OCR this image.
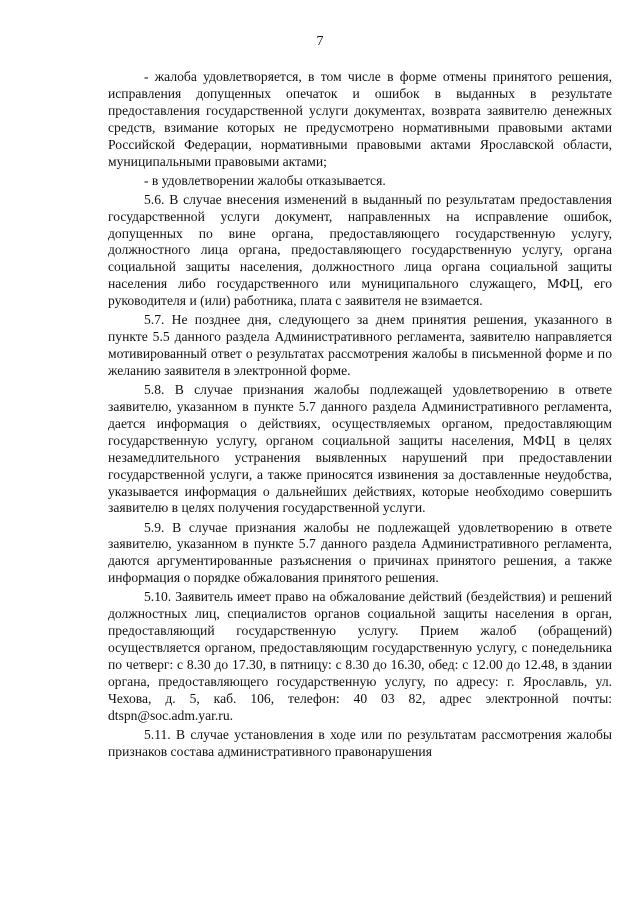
7

- жалоба удовлетворяется, в том числе в форме отмены принятого решения, исправления допущенных опечаток и ошибок в выданных в результате предоставления государственной услуги документах, возврата заявителю денежных средств, взимание которых не предусмотрено нормативными правовыми актами Российской Федерации, нормативными правовыми актами Ярославской области, муниципальными правовыми актами;

- в удовлетворении жалобы отказывается.

5.6. В случае внесения изменений в выданный по результатам предоставления государственной услуги документ, направленных на исправление ошибок, допущенных по вине органа, предоставляющего государственную услугу, должностного лица органа, предоставляющего государственную услугу, органа социальной защиты населения, должностного лица органа социальной защиты населения либо государственного или муниципального служащего, МФЦ, его руководителя и (или) работника, плата с заявителя не взимается.

5.7. Не позднее дня, следующего за днем принятия решения, указанного в пункте 5.5 данного раздела Административного регламента, заявителю направляется мотивированный ответ о результатах рассмотрения жалобы в письменной форме и по желанию заявителя в электронной форме.

5.8. В случае признания жалобы подлежащей удовлетворению в ответе заявителю, указанном в пункте 5.7 данного раздела Административного регламента, дается информация о действиях, осуществляемых органом, предоставляющим государственную услугу, органом социальной защиты населения, МФЦ в целях незамедлительного устранения выявленных нарушений при предоставлении государственной услуги, а также приносятся извинения за доставленные неудобства, указывается информация о дальнейших действиях, которые необходимо совершить заявителю в целях получения государственной услуги.

5.9. В случае признания жалобы не подлежащей удовлетворению в ответе заявителю, указанном в пункте 5.7 данного раздела Административного регламента, даются аргументированные разъяснения о причинах принятого решения, а также информация о порядке обжалования принятого решения.

5.10. Заявитель имеет право на обжалование действий (бездействия) и решений должностных лиц, специалистов органов социальной защиты населения в орган, предоставляющий государственную услугу. Прием жалоб (обращений) осуществляется органом, предоставляющим государственную услугу, с понедельника по четверг: с 8.30 до 17.30, в пятницу: с 8.30 до 16.30, обед: с 12.00 до 12.48, в здании органа, предоставляющего государственную услугу, по адресу: г. Ярославль, ул. Чехова, д. 5, каб. 106, телефон: 40 03 82, адрес электронной почты: dtspn@soc.adm.yar.ru.

5.11. В случае установления в ходе или по результатам рассмотрения жалобы признаков состава административного правонарушения
